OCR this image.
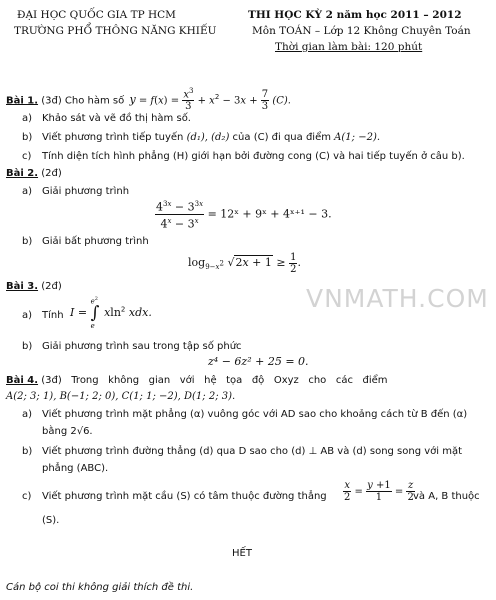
ĐẠI HỌC QUỐC GIA TP HCM
TRƯỜNG PHỔ THÔNG NĂNG KHIẾU
THI HỌC KỲ 2 năm học 2011 – 2012
Môn TOÁN – Lớp 12 Không Chuyên Toán
Thời gian làm bài: 120 phút
Bài 1. (3đ) Cho hàm số $y = f(x) = \frac{x^3}{3} + x^2 - 3x + \frac{7}{3} (C)$.
a) Khảo sát và vẽ đồ thị hàm số.
b) Viết phương trình tiếp tuyến (d₁), (d₂) của (C) đi qua điểm A(1; −2).
c) Tính diện tích hình phẳng (H) giới hạn bởi đường cong (C) và hai tiếp tuyến ở câu b).
Bài 2. (2đ)
a) Giải phương trình
$\frac{4^{3x} - 3^{3x}}{4^x - 3^x}$ = 12ˣ + 9ˣ + 4ˣ⁺¹ − 3.
b) Giải bất phương trình
$\log_{9-x^2} √2x + 1 \ge \frac{1}{2}$ .
VNMATH.COM
Bài 3. (2đ)
a) Tính I =
$e^2$
∫
e
xln$^2$ xdx.
b) Giải phương trình sau trong tập số phức
z⁴ − 6z² + 25 = 0.
Bài 4. (3đ)   Trong   không   gian   với   hệ   tọa   độ   Oxyz   cho   các   điểm
A(2; 3; 1), B(−1; 2; 0), C(1; 1; −2), D(1; 2; 3).
a) Viết phương trình mặt phẳng (α) vuông góc với AD sao cho khoảng cách từ B đến (α)
bằng 2√6.
b) Viết phương trình đường thẳng (d) qua D sao cho (d) ⊥ AB và (d) song song với mặt
phẳng (ABC).
c) Viết phương trình mặt cầu (S) có tâm thuộc đường thẳng $\frac{x}{2} = \frac{y +1}{1} = \frac{z}{2}$
và A, B thuộc
(S).
HẾT
Cán bộ coi thi không giải thích đề thi.
